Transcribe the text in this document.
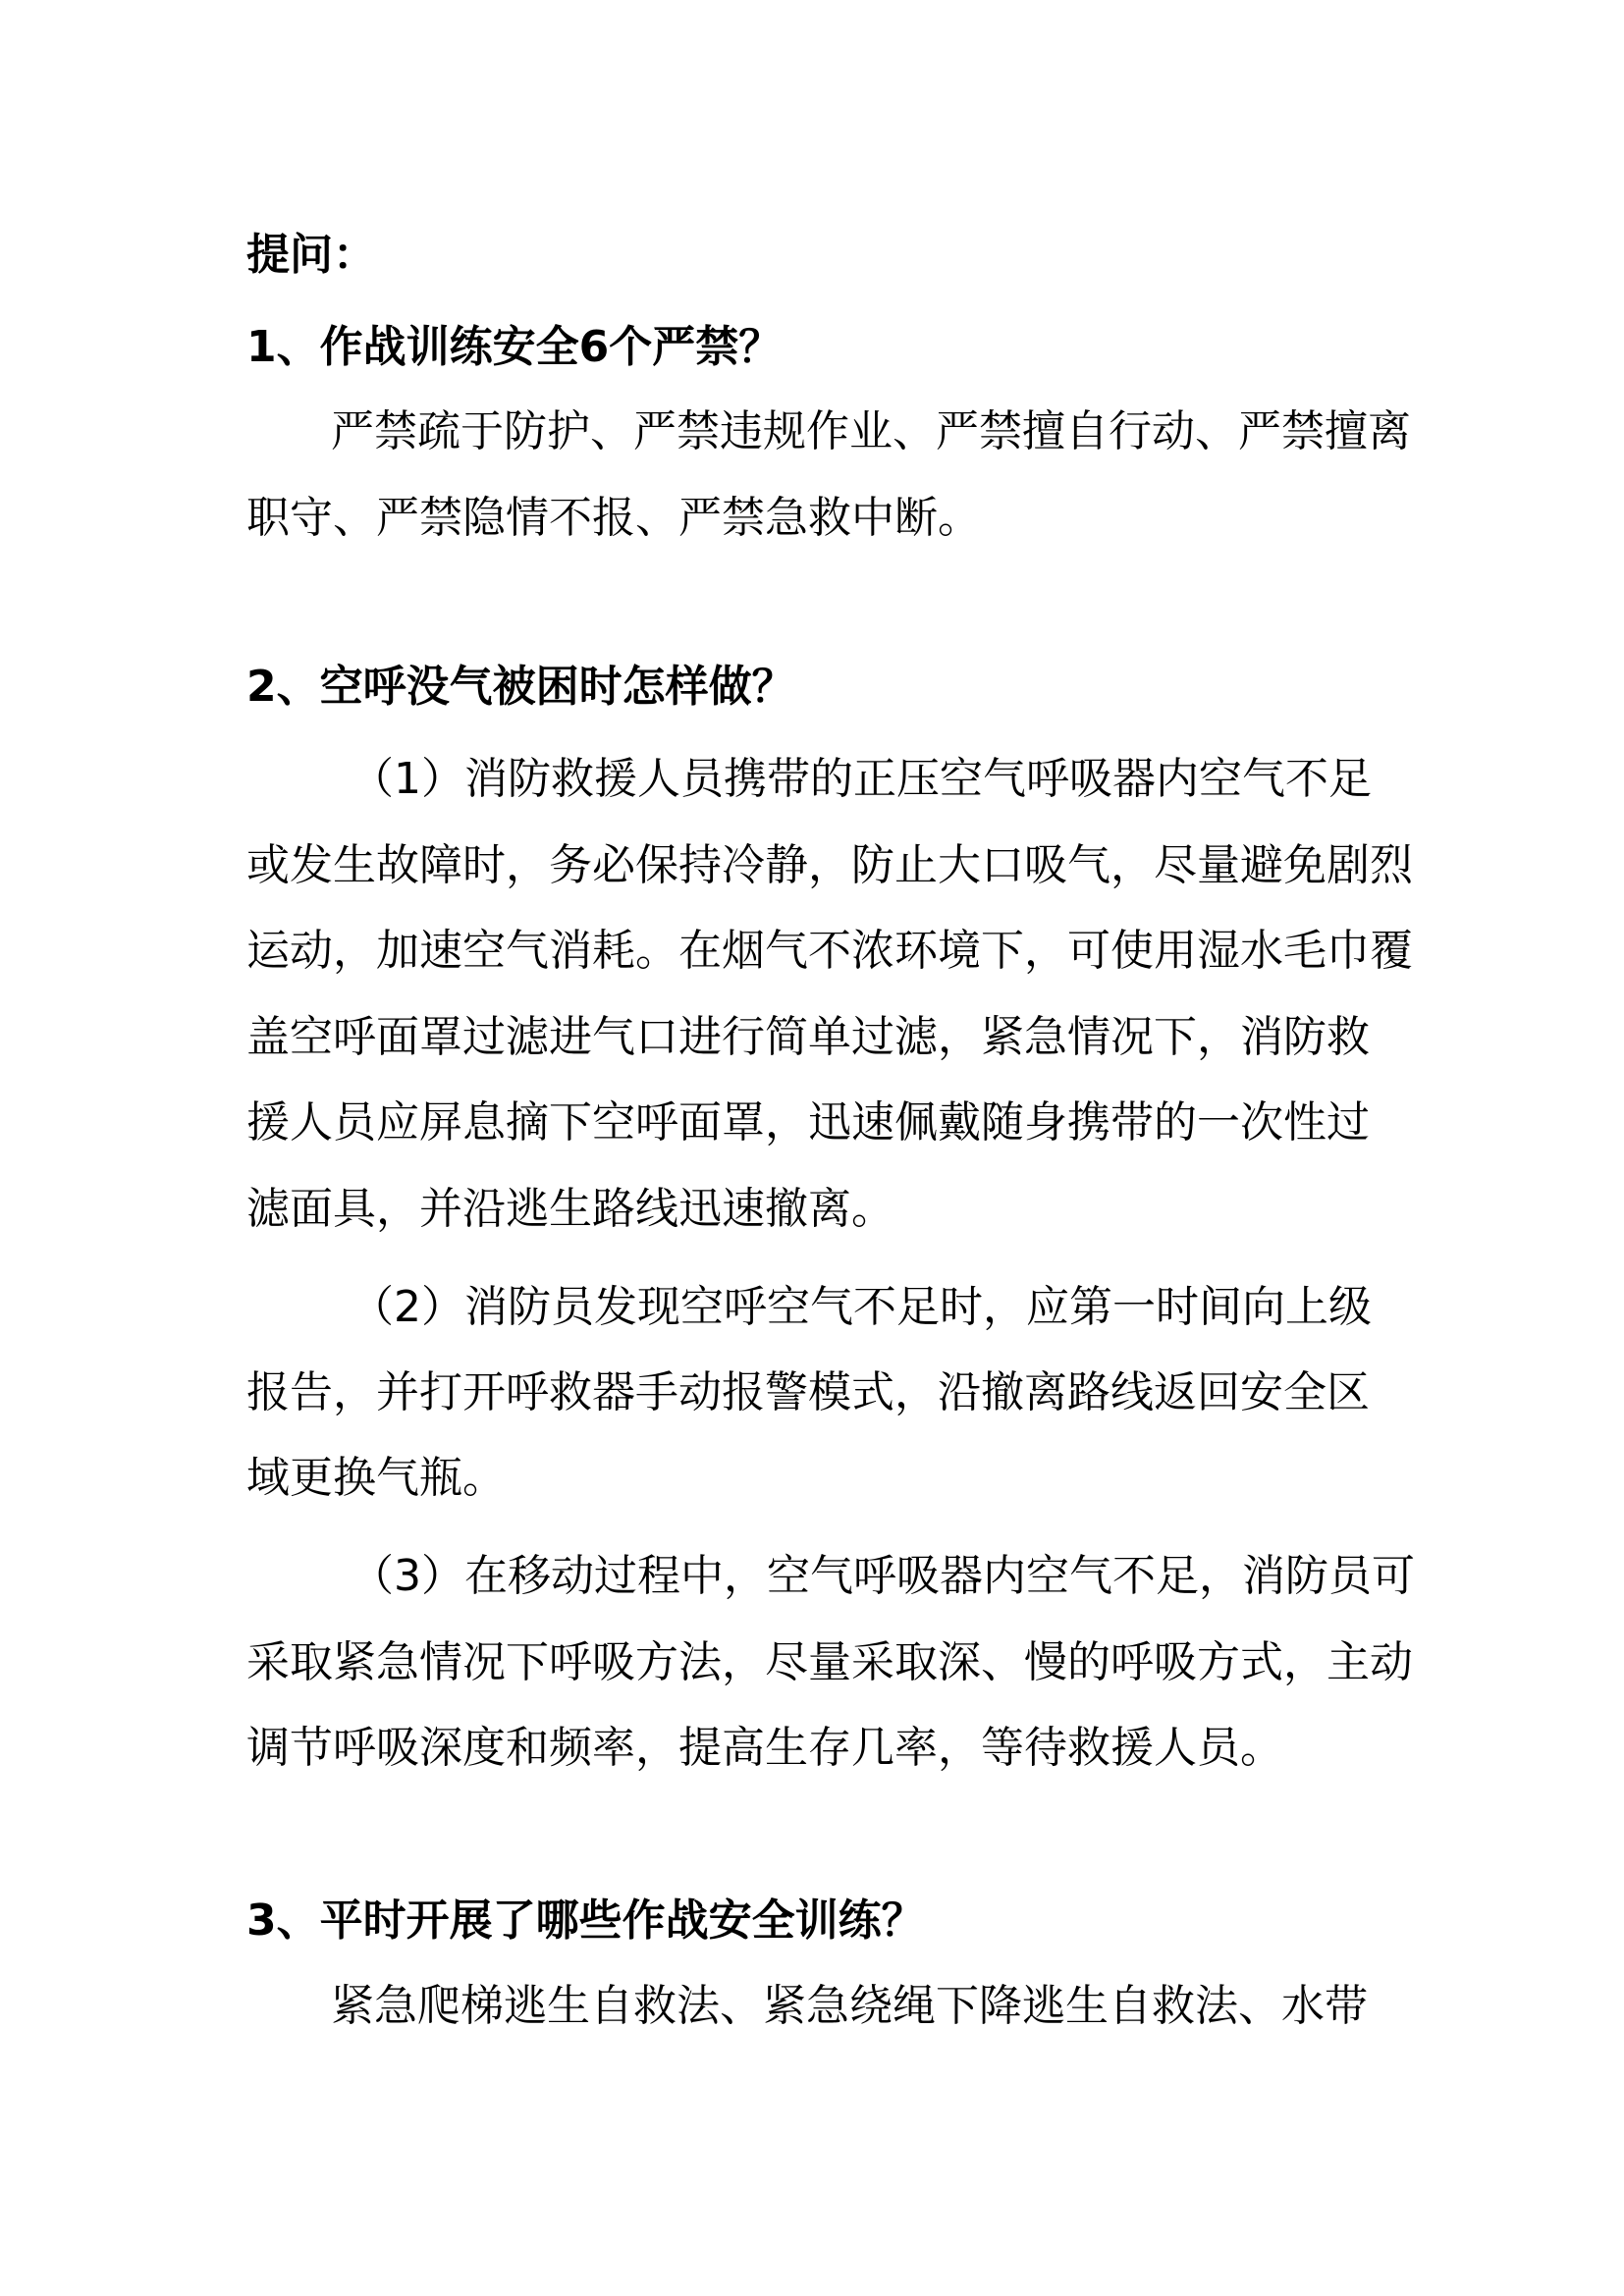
提问：
1、作战训练安全6个严禁？
严禁疏于防护、严禁违规作业、严禁擅自行动、严禁擅离
职守、严禁隐情不报、严禁急救中断。
2、空呼没气被困时怎样做？
（1）消防救援人员携带的正压空气呼吸器内空气不足
或发生故障时，务必保持冷静，防止大口吸气，尽量避免剧烈
运动，加速空气消耗。在烟气不浓环境下，可使用湿水毛巾覆
盖空呼面罩过滤进气口进行简单过滤，紧急情况下，消防救
援人员应屏息摘下空呼面罩，迅速佩戴随身携带的一次性过
滤面具，并沿逃生路线迅速撤离。
（2）消防员发现空呼空气不足时，应第一时间向上级
报告，并打开呼救器手动报警模式，沿撤离路线返回安全区
域更换气瓶。
（3）在移动过程中，空气呼吸器内空气不足，消防员可
采取紧急情况下呼吸方法，尽量采取深、慢的呼吸方式，主动
调节呼吸深度和频率，提高生存几率，等待救援人员。
3、平时开展了哪些作战安全训练？
紧急爬梯逃生自救法、紧急绕绳下降逃生自救法、水带
